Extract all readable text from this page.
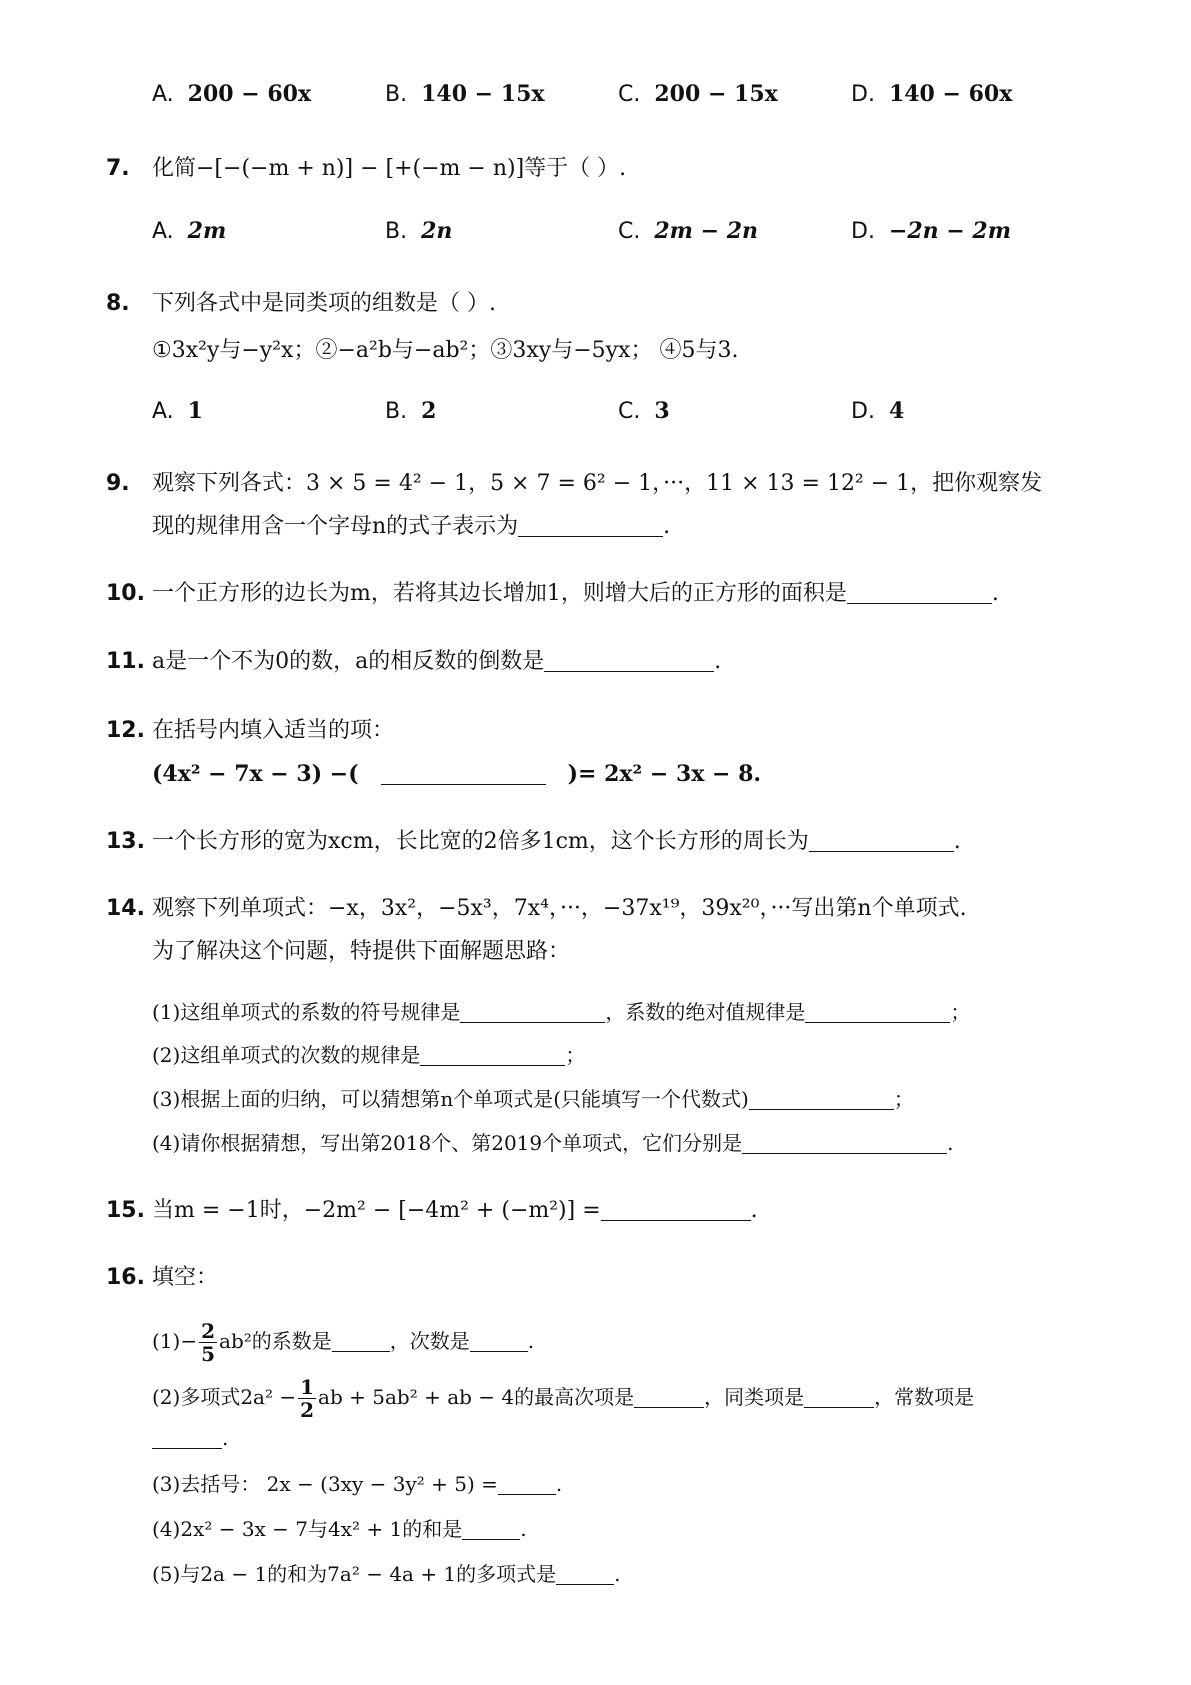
A. 200 − 60x	B. 140 − 15x	C. 200 − 15x	D. 140 − 60x
7. 化简−[−(−m + n)] − [+(−m − n)]等于（ ）.
A. 2m	B. 2n	C. 2m − 2n	D. −2n − 2m
8. 下列各式中是同类项的组数是（ ）.
①3x²y与−y²x；②−a²b与−ab²；③3xy与−5yx； ④5与3.
A. 1	B. 2	C. 3	D. 4
9. 观察下列各式：3 × 5 = 4² − 1，5 × 7 = 6² − 1，···，11 × 13 = 12² − 1，把你观察发
现的规律用含一个字母n的式子表示为	.
10. 一个正方形的边长为m，若将其边长增加1，则增大后的正方形的面积是	.
11. a是一个不为0的数，a的相反数的倒数是	.
12. 在括号内填入适当的项：
(4x² − 7x − 3) −(	)= 2x² − 3x − 8.
13. 一个长方形的宽为xcm，长比宽的2倍多1cm，这个长方形的周长为	.
14. 观察下列单项式：−x，3x²，−5x³，7x⁴，···，−37x¹⁹，39x²⁰，···写出第n个单项式.
为了解决这个问题，特提供下面解题思路：
(1)这组单项式的系数的符号规律是	，系数的绝对值规律是	；
(2)这组单项式的次数的规律是	；
(3)根据上面的归纳，可以猜想第n个单项式是(只能填写一个代数式)	；
(4)请你根据猜想，写出第2018个、第2019个单项式，它们分别是	.
15. 当m = −1时，−2m² − [−4m² + (−m²)] =	.
16. 填空：
$(1)- \frac{2}{5} ab^2$的系数是	，次数是	.
(2)多项式$2a^2 - \frac{1}{2}$ ab + 5ab² + ab − 4的最高次项是	，同类项是	，常数项是
.
(3)去括号： 2x − (3xy − 3y² + 5) =	.
(4)2x² − 3x − 7与4x² + 1的和是	.
(5)与2a − 1的和为7a² − 4a + 1的多项式是	.
